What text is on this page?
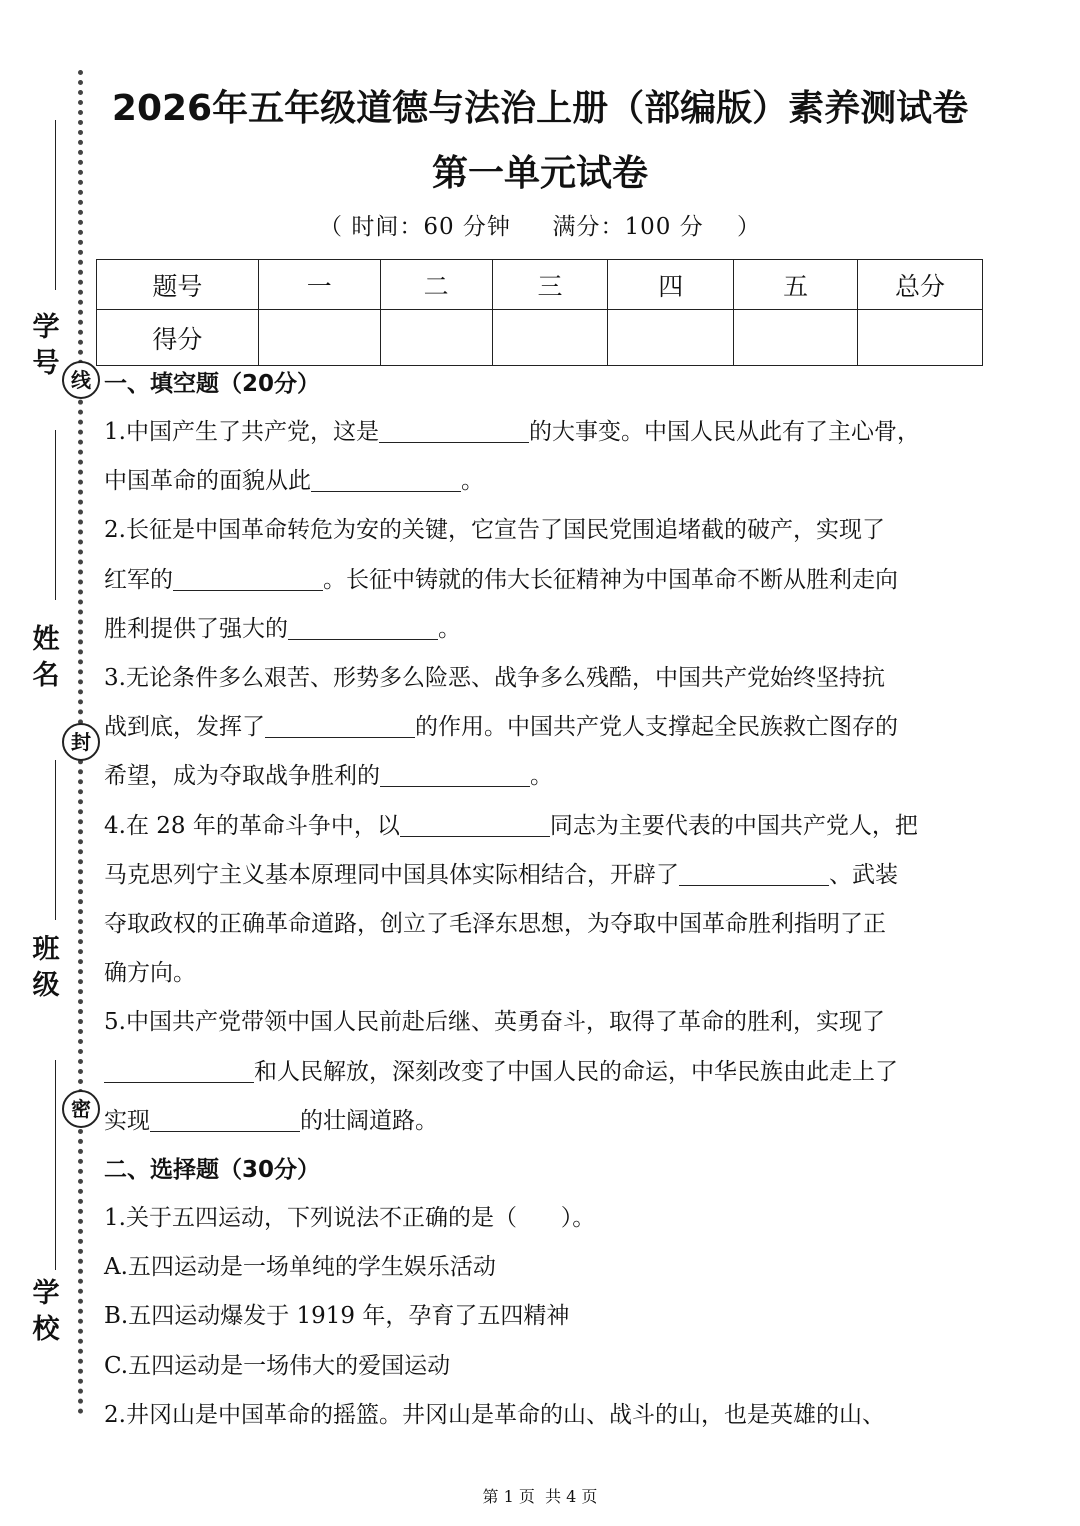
学 号
姓 名
班 级
学 校
线
封
密
2026年五年级道德与法治上册（部编版）素养测试卷
第一单元试卷
（ 时间：60 分钟     满分：100 分    ）
题号	一	二	三	四	五	总分
得分						

一、填空题（20分）

1.中国产生了共产党，这是	的大事变。中国人民从此有了主心骨，
中国革命的面貌从此	。

2.长征是中国革命转危为安的关键，它宣告了国民党围追堵截的破产，实现了
红军的	。长征中铸就的伟大长征精神为中国革命不断从胜利走向
胜利提供了强大的	。

3.无论条件多么艰苦、形势多么险恶、战争多么残酷，中国共产党始终坚持抗
战到底，发挥了	的作用。中国共产党人支撑起全民族救亡图存的
希望，成为夺取战争胜利的	。

4.在 28 年的革命斗争中，以	同志为主要代表的中国共产党人，把
马克思列宁主义基本原理同中国具体实际相结合，开辟了	、武装
夺取政权的正确革命道路，创立了毛泽东思想，为夺取中国革命胜利指明了正
确方向。

5.中国共产党带领中国人民前赴后继、英勇奋斗，取得了革命的胜利，实现了
和人民解放，深刻改变了中国人民的命运，中华民族由此走上了
实现	的壮阔道路。

二、选择题（30分）

1.关于五四运动，下列说法不正确的是（      ）。

A.五四运动是一场单纯的学生娱乐活动

B.五四运动爆发于 1919 年，孕育了五四精神

C.五四运动是一场伟大的爱国运动

2.井冈山是中国革命的摇篮。井冈山是革命的山、战斗的山，也是英雄的山、

第 1 页  共 4 页
